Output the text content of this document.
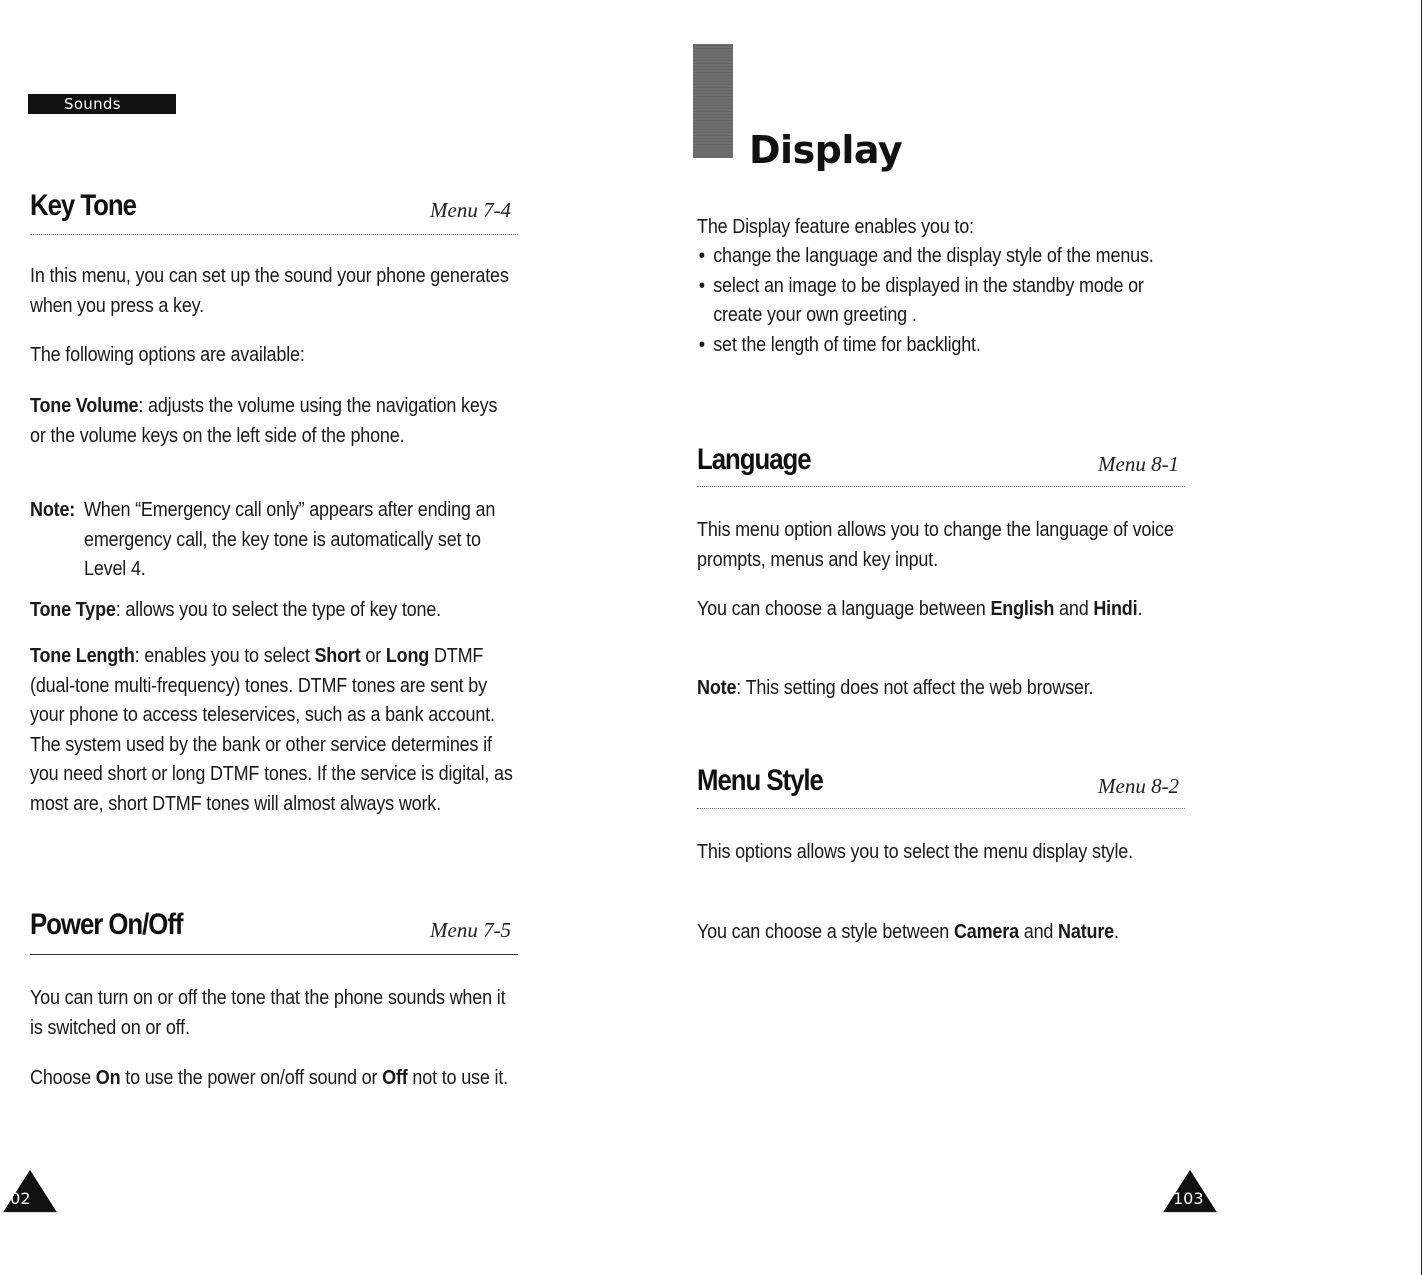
Sounds
Key Tone	Menu 7-4
In this menu, you can set up the sound your phone generates when you press a key.
The following options are available:
Tone Volume: adjusts the volume using the navigation keys or the volume keys on the left side of the phone.
Note: When “Emergency call only” appears after ending an emergency call, the key tone is automatically set to Level 4.
Tone Type: allows you to select the type of key tone.
Tone Length: enables you to select Short or Long DTMF (dual-tone multi-frequency) tones. DTMF tones are sent by your phone to access teleservices, such as a bank account. The system used by the bank or other service determines if you need short or long DTMF tones. If the service is digital, as most are, short DTMF tones will almost always work.
Power On/Off	Menu 7-5
You can turn on or off the tone that the phone sounds when it is switched on or off.
Choose On to use the power on/off sound or Off not to use it.
102
Display
The Display feature enables you to:
• change the language and the display style of the menus.
• select an image to be displayed in the standby mode or create your own greeting .
• set the length of time for backlight.
Language	Menu 8-1
This menu option allows you to change the language of voice prompts, menus and key input.
You can choose a language between English and Hindi.
Note: This setting does not affect the web browser.
Menu Style	Menu 8-2
This options allows you to select the menu display style.
You can choose a style between Camera and Nature.
103
